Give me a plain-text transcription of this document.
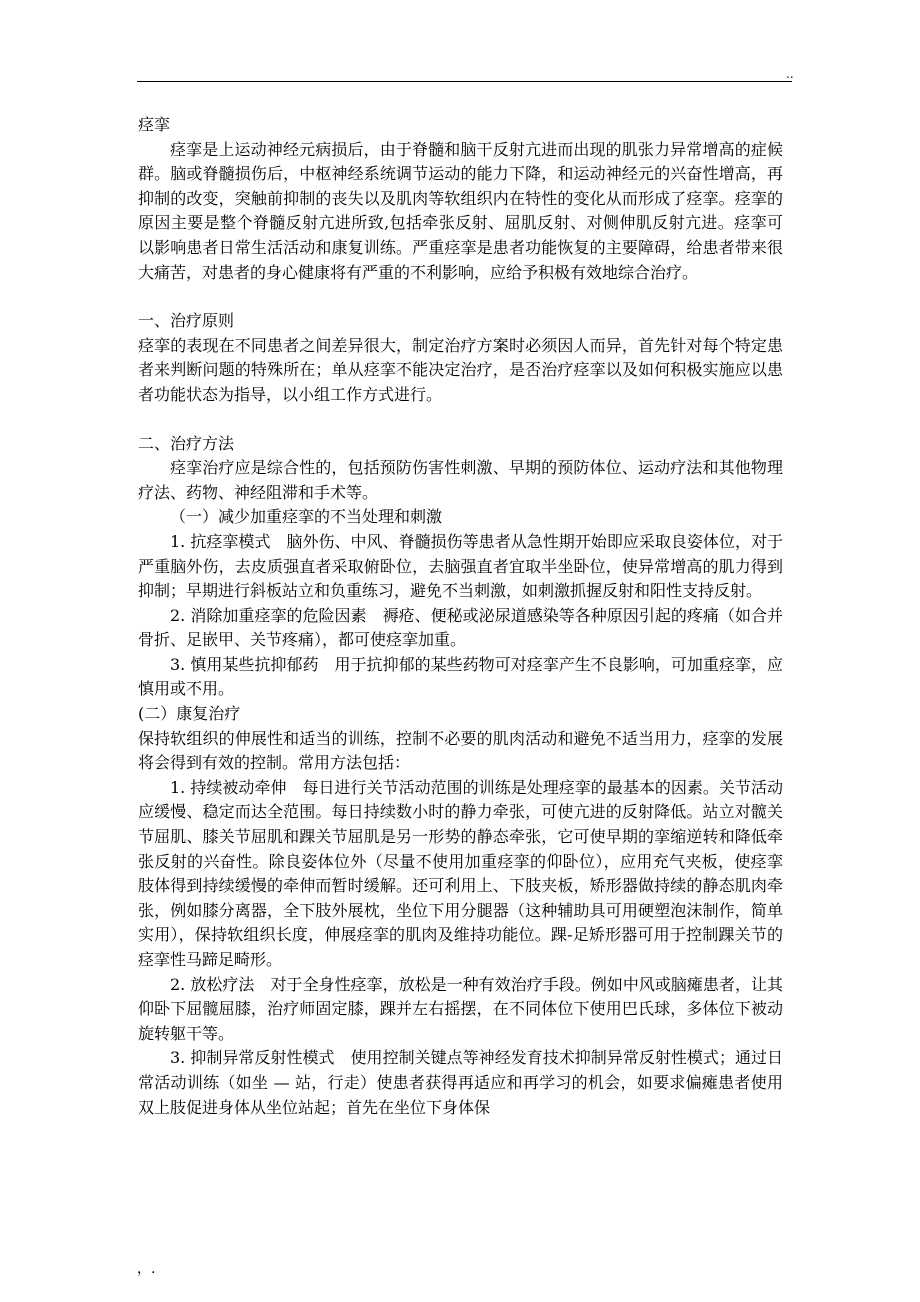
..

痉挛

痉挛是上运动神经元病损后，由于脊髓和脑干反射亢进而出现的肌张力异常增高的症候群。脑或脊髓损伤后，中枢神经系统调节运动的能力下降，和运动神经元的兴奋性增高，再抑制的改变，突触前抑制的丧失以及肌肉等软组织内在特性的变化从而形成了痉挛。痉挛的原因主要是整个脊髓反射亢进所致,包括牵张反射、屈肌反射、对侧伸肌反射亢进。痉挛可以影响患者日常生活活动和康复训练。严重痉挛是患者功能恢复的主要障碍，给患者带来很大痛苦，对患者的身心健康将有严重的不利影响，应给予积极有效地综合治疗。

一、治疗原则

痉挛的表现在不同患者之间差异很大，制定治疗方案时必须因人而异，首先针对每个特定患者来判断问题的特殊所在；单从痉挛不能决定治疗，是否治疗痉挛以及如何积极实施应以患者功能状态为指导，以小组工作方式进行。

二、治疗方法

痉挛治疗应是综合性的，包括预防伤害性刺激、早期的预防体位、运动疗法和其他物理疗法、药物、神经阻滞和手术等。

（一）减少加重痉挛的不当处理和刺激

1. 抗痉挛模式　脑外伤、中风、脊髓损伤等患者从急性期开始即应采取良姿体位，对于严重脑外伤，去皮质强直者采取俯卧位，去脑强直者宜取半坐卧位，使异常增高的肌力得到抑制；早期进行斜板站立和负重练习，避免不当刺激，如刺激抓握反射和阳性支持反射。

2. 消除加重痉挛的危险因素　褥疮、便秘或泌尿道感染等各种原因引起的疼痛（如合并骨折、足嵌甲、关节疼痛），都可使痉挛加重。

3. 慎用某些抗抑郁药　用于抗抑郁的某些药物可对痉挛产生不良影响，可加重痉挛，应慎用或不用。

(二）康复治疗

保持软组织的伸展性和适当的训练，控制不必要的肌肉活动和避免不适当用力，痉挛的发展将会得到有效的控制。常用方法包括：

1. 持续被动牵伸　每日进行关节活动范围的训练是处理痉挛的最基本的因素。关节活动应缓慢、稳定而达全范围。每日持续数小时的静力牵张，可使亢进的反射降低。站立对髋关节屈肌、膝关节屈肌和踝关节屈肌是另一形势的静态牵张，它可使早期的挛缩逆转和降低牵张反射的兴奋性。除良姿体位外（尽量不使用加重痉挛的仰卧位），应用充气夹板，使痉挛肢体得到持续缓慢的牵伸而暂时缓解。还可利用上、下肢夹板，矫形器做持续的静态肌肉牵张，例如膝分离器，全下肢外展枕，坐位下用分腿器（这种辅助具可用硬塑泡沫制作，简单实用），保持软组织长度，伸展痉挛的肌肉及维持功能位。踝-足矫形器可用于控制踝关节的痉挛性马蹄足畸形。

2. 放松疗法　对于全身性痉挛，放松是一种有效治疗手段。例如中风或脑瘫患者，让其仰卧下屈髋屈膝，治疗师固定膝，踝并左右摇摆，在不同体位下使用巴氏球，多体位下被动旋转躯干等。

3. 抑制异常反射性模式　使用控制关键点等神经发育技术抑制异常反射性模式；通过日常活动训练（如坐 — 站，行走）使患者获得再适应和再学习的机会，如要求偏瘫患者使用双上肢促进身体从坐位站起；首先在坐位下身体保

，.
